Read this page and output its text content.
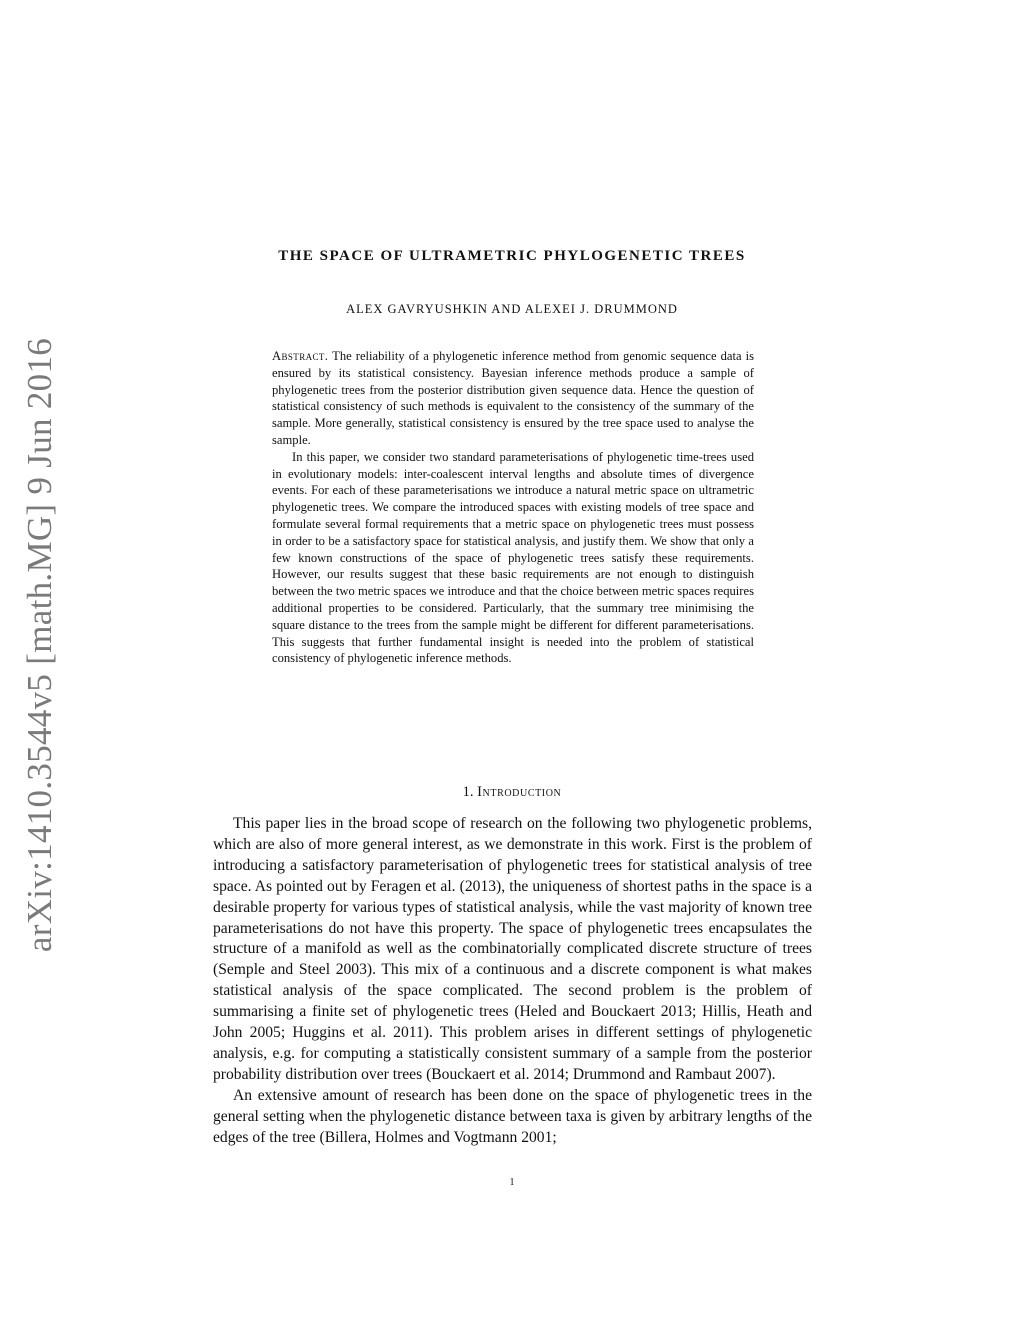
arXiv:1410.3544v5 [math.MG] 9 Jun 2016
THE SPACE OF ULTRAMETRIC PHYLOGENETIC TREES
ALEX GAVRYUSHKIN AND ALEXEI J. DRUMMOND

Abstract. The reliability of a phylogenetic inference method from genomic sequence data is ensured by its statistical consistency. Bayesian inference methods produce a sample of phylogenetic trees from the posterior distribution given sequence data. Hence the question of statistical consistency of such methods is equivalent to the consistency of the summary of the sample. More generally, statistical consistency is ensured by the tree space used to analyse the sample.

In this paper, we consider two standard parameterisations of phylogenetic time-trees used in evolutionary models: inter-coalescent interval lengths and absolute times of divergence events. For each of these parameterisations we introduce a natural metric space on ultrametric phylogenetic trees. We compare the introduced spaces with existing models of tree space and formulate several formal requirements that a metric space on phylogenetic trees must possess in order to be a satisfactory space for statistical analysis, and justify them. We show that only a few known constructions of the space of phylogenetic trees satisfy these requirements. However, our results suggest that these basic requirements are not enough to distinguish between the two metric spaces we introduce and that the choice between metric spaces requires additional properties to be considered. Particularly, that the summary tree minimising the square distance to the trees from the sample might be different for different parameterisations. This suggests that further fundamental insight is needed into the problem of statistical consistency of phylogenetic inference methods.

1. Introduction

This paper lies in the broad scope of research on the following two phylogenetic problems, which are also of more general interest, as we demonstrate in this work. First is the problem of introducing a satisfactory parameterisation of phylogenetic trees for statistical analysis of tree space. As pointed out by Feragen et al. (2013), the uniqueness of shortest paths in the space is a desirable property for various types of statistical analysis, while the vast majority of known tree parameterisations do not have this property. The space of phylogenetic trees encapsulates the structure of a manifold as well as the combinatorially complicated discrete structure of trees (Semple and Steel 2003). This mix of a continuous and a discrete component is what makes statistical analysis of the space complicated. The second problem is the problem of summarising a finite set of phylogenetic trees (Heled and Bouckaert 2013; Hillis, Heath and John 2005; Huggins et al. 2011). This problem arises in different settings of phylogenetic analysis, e.g. for computing a statistically consistent summary of a sample from the posterior probability distribution over trees (Bouckaert et al. 2014; Drummond and Rambaut 2007).

An extensive amount of research has been done on the space of phylogenetic trees in the general setting when the phylogenetic distance between taxa is given by arbitrary lengths of the edges of the tree (Billera, Holmes and Vogtmann 2001;

1
